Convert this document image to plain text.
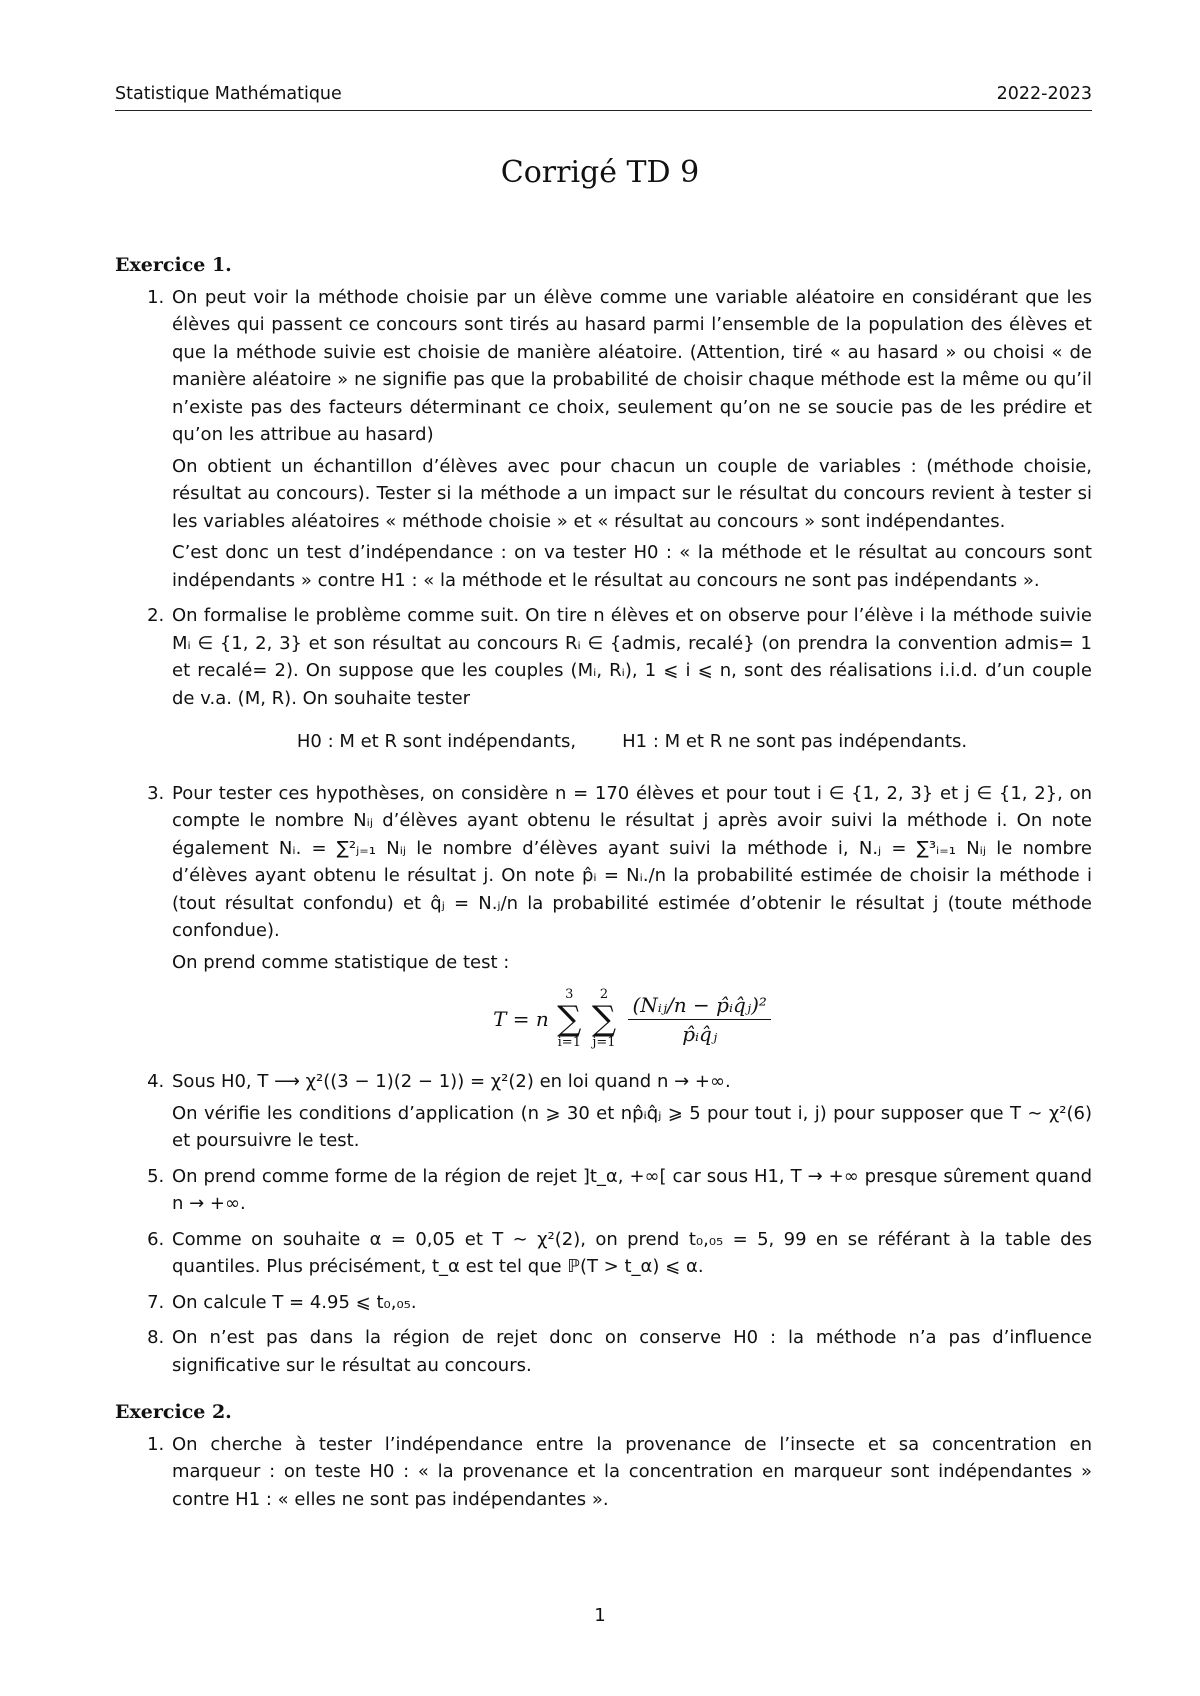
Statistique Mathématique	2022-2023
Corrigé TD 9
Exercice 1.
1. On peut voir la méthode choisie par un élève comme une variable aléatoire en considérant que les élèves qui passent ce concours sont tirés au hasard parmi l’ensemble de la population des élèves et que la méthode suivie est choisie de manière aléatoire. (Attention, tiré « au hasard » ou choisi « de manière aléatoire » ne signifie pas que la probabilité de choisir chaque méthode est la même ou qu’il n’existe pas des facteurs déterminant ce choix, seulement qu’on ne se soucie pas de les prédire et qu’on les attribue au hasard)

On obtient un échantillon d’élèves avec pour chacun un couple de variables : (méthode choisie, résultat au concours). Tester si la méthode a un impact sur le résultat du concours revient à tester si les variables aléatoires « méthode choisie » et « résultat au concours » sont indépendantes.

C’est donc un test d’indépendance : on va tester H0 : « la méthode et le résultat au concours sont indépendants » contre H1 : « la méthode et le résultat au concours ne sont pas indépendants ».

2. On formalise le problème comme suit. On tire n élèves et on observe pour l’élève i la méthode suivie Mᵢ ∈ {1, 2, 3} et son résultat au concours Rᵢ ∈ {admis, recalé} (on prendra la convention admis= 1 et recalé= 2). On suppose que les couples (Mᵢ, Rᵢ), 1 ⩽ i ⩽ n, sont des réalisations i.i.d. d’un couple de v.a. (M, R). On souhaite tester
H0 : M et R sont indépendants,	H1 : M et R ne sont pas indépendants.
3. Pour tester ces hypothèses, on considère n = 170 élèves et pour tout i ∈ {1, 2, 3} et j ∈ {1, 2}, on compte le nombre Nᵢⱼ d’élèves ayant obtenu le résultat j après avoir suivi la méthode i. On note également Nᵢ. = ∑²ⱼ₌₁ Nᵢⱼ le nombre d’élèves ayant suivi la méthode i, N.ⱼ = ∑³ᵢ₌₁ Nᵢⱼ le nombre d’élèves ayant obtenu le résultat j. On note p̂ᵢ = Nᵢ./n la probabilité estimée de choisir la méthode i (tout résultat confondu) et q̂ⱼ = N.ⱼ/n la probabilité estimée d’obtenir le résultat j (toute méthode confondue).

On prend comme statistique de test :

T = n
3
∑
i=1

2
∑
j=1
$\frac{\text{(Nᵢⱼ/n − p̂ᵢq̂ⱼ)²}}{\text{p̂ᵢq̂ⱼ}}$
4. Sous H0, T ⟶ χ²((3 − 1)(2 − 1)) = χ²(2) en loi quand n → +∞.

On vérifie les conditions d’application (n ⩾ 30 et np̂ᵢq̂ⱼ ⩾ 5 pour tout i, j) pour supposer que T ∼ χ²(6) et poursuivre le test.

5. On prend comme forme de la région de rejet ]t_α, +∞[ car sous H1, T → +∞ presque sûrement quand n → +∞.
6. Comme on souhaite α = 0,05 et T ∼ χ²(2), on prend t₀,₀₅ = 5, 99 en se référant à la table des quantiles. Plus précisément, t_α est tel que ℙ(T > t_α) ⩽ α.
7. On calcule T = 4.95 ⩽ t₀,₀₅.
8. On n’est pas dans la région de rejet donc on conserve H0 : la méthode n’a pas d’influence significative sur le résultat au concours.
Exercice 2.
1. On cherche à tester l’indépendance entre la provenance de l’insecte et sa concentration en marqueur : on teste H0 : « la provenance et la concentration en marqueur sont indépendantes » contre H1 : « elles ne sont pas indépendantes ».
1
